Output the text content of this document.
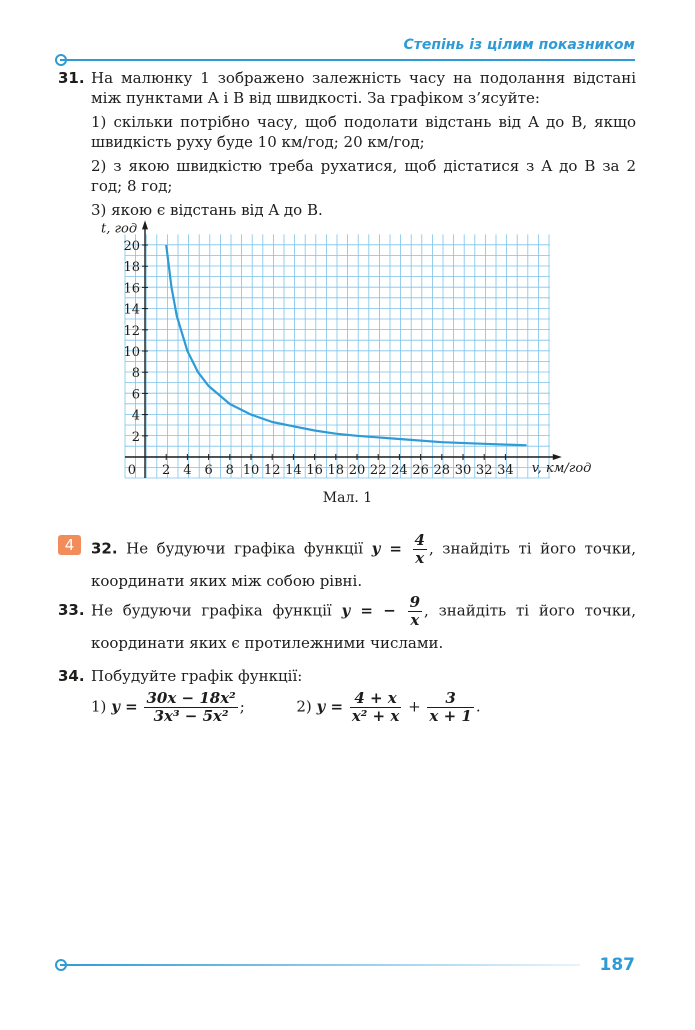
Степінь із цілим показником
31. На малюнку 1 зображено залежність часу на подолання відстані між пунктами A і B від швидкості. За графіком з’ясуйте:

1) скільки потрібно часу, щоб подолати відстань від A до B, якщо швидкість руху буде 10 км/год; 20 км/год;

2) з якою швидкістю треба рухатися, щоб дістатися з A до B за 2 год; 8 год;

3) якою є відстань від A до B.

2 4 6 8 10 12 14 16 18 20 22 24 26 28 30 32 34
2
4
6
8
10
12
14
16
18
20
0
t, год
v, км/год
Мал. 1
4	32. Не будуючи графіка функції $y = \frac{4}{x}$ , знайдіть ті його точки, координати яких між собою рівні.
33. Не будуючи графіка функції y = − $\frac{9}{x}$ , знайдіть ті його точки, координати яких є протилежними числами.
34. Побудуйте графік функції:

1) $y = \frac{\text{30x − 18x²}}{\text{3x³ − 5x²}}$ ;	2) $y = \frac{4 + x}{\text{x² + x}} + \frac{3}{x + 1}$ .
187
